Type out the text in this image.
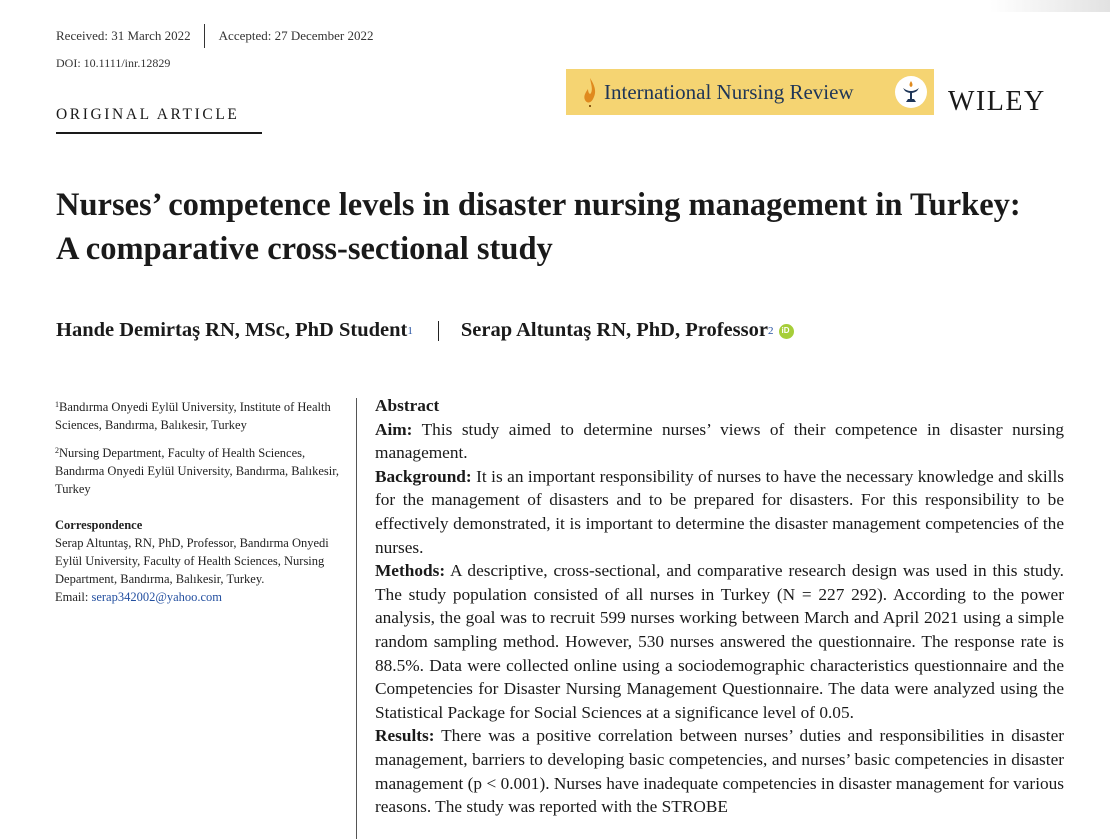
Received: 31 March 2022 Accepted: 27 December 2022
DOI: 10.1111/inr.12829
ORIGINAL ARTICLE
International Nursing Review	WILEY
Nurses’ competence levels in disaster nursing management in Turkey: A comparative cross-sectional study
Hande Demirtaş RN, MSc, PhD Student 1 Serap Altuntaş RN, PhD, Professor 2
iD

$^1$Bandırma Onyedi Eylül University, Institute of Health Sciences, Bandırma, Balıkesir, Turkey

$^2$Nursing Department, Faculty of Health Sciences, Bandırma Onyedi Eylül University, Bandırma, Balıkesir, Turkey

Correspondence
Serap Altuntaş, RN, PhD, Professor, Bandırma Onyedi Eylül University, Faculty of Health Sciences, Nursing Department, Bandırma, Balıkesir, Turkey.
Email: serap342002@yahoo.com
Abstract

Aim: This study aimed to determine nurses’ views of their competence in disaster nursing management.

Background: It is an important responsibility of nurses to have the necessary knowledge and skills for the management of disasters and to be prepared for disasters. For this responsibility to be effectively demonstrated, it is important to determine the disaster management competencies of the nurses.

Methods: A descriptive, cross-sectional, and comparative research design was used in this study. The study population consisted of all nurses in Turkey (N = 227 292). According to the power analysis, the goal was to recruit 599 nurses working between March and April 2021 using a simple random sampling method. However, 530 nurses answered the questionnaire. The response rate is 88.5%. Data were collected online using a sociodemographic characteristics questionnaire and the Competencies for Disaster Nursing Management Questionnaire. The data were analyzed using the Statistical Package for Social Sciences at a significance level of 0.05.

Results: There was a positive correlation between nurses’ duties and responsibilities in disaster management, barriers to developing basic competencies, and nurses’ basic competencies in disaster management (p < 0.001). Nurses have inadequate competencies in disaster management for various reasons. The study was reported with the STROBE
